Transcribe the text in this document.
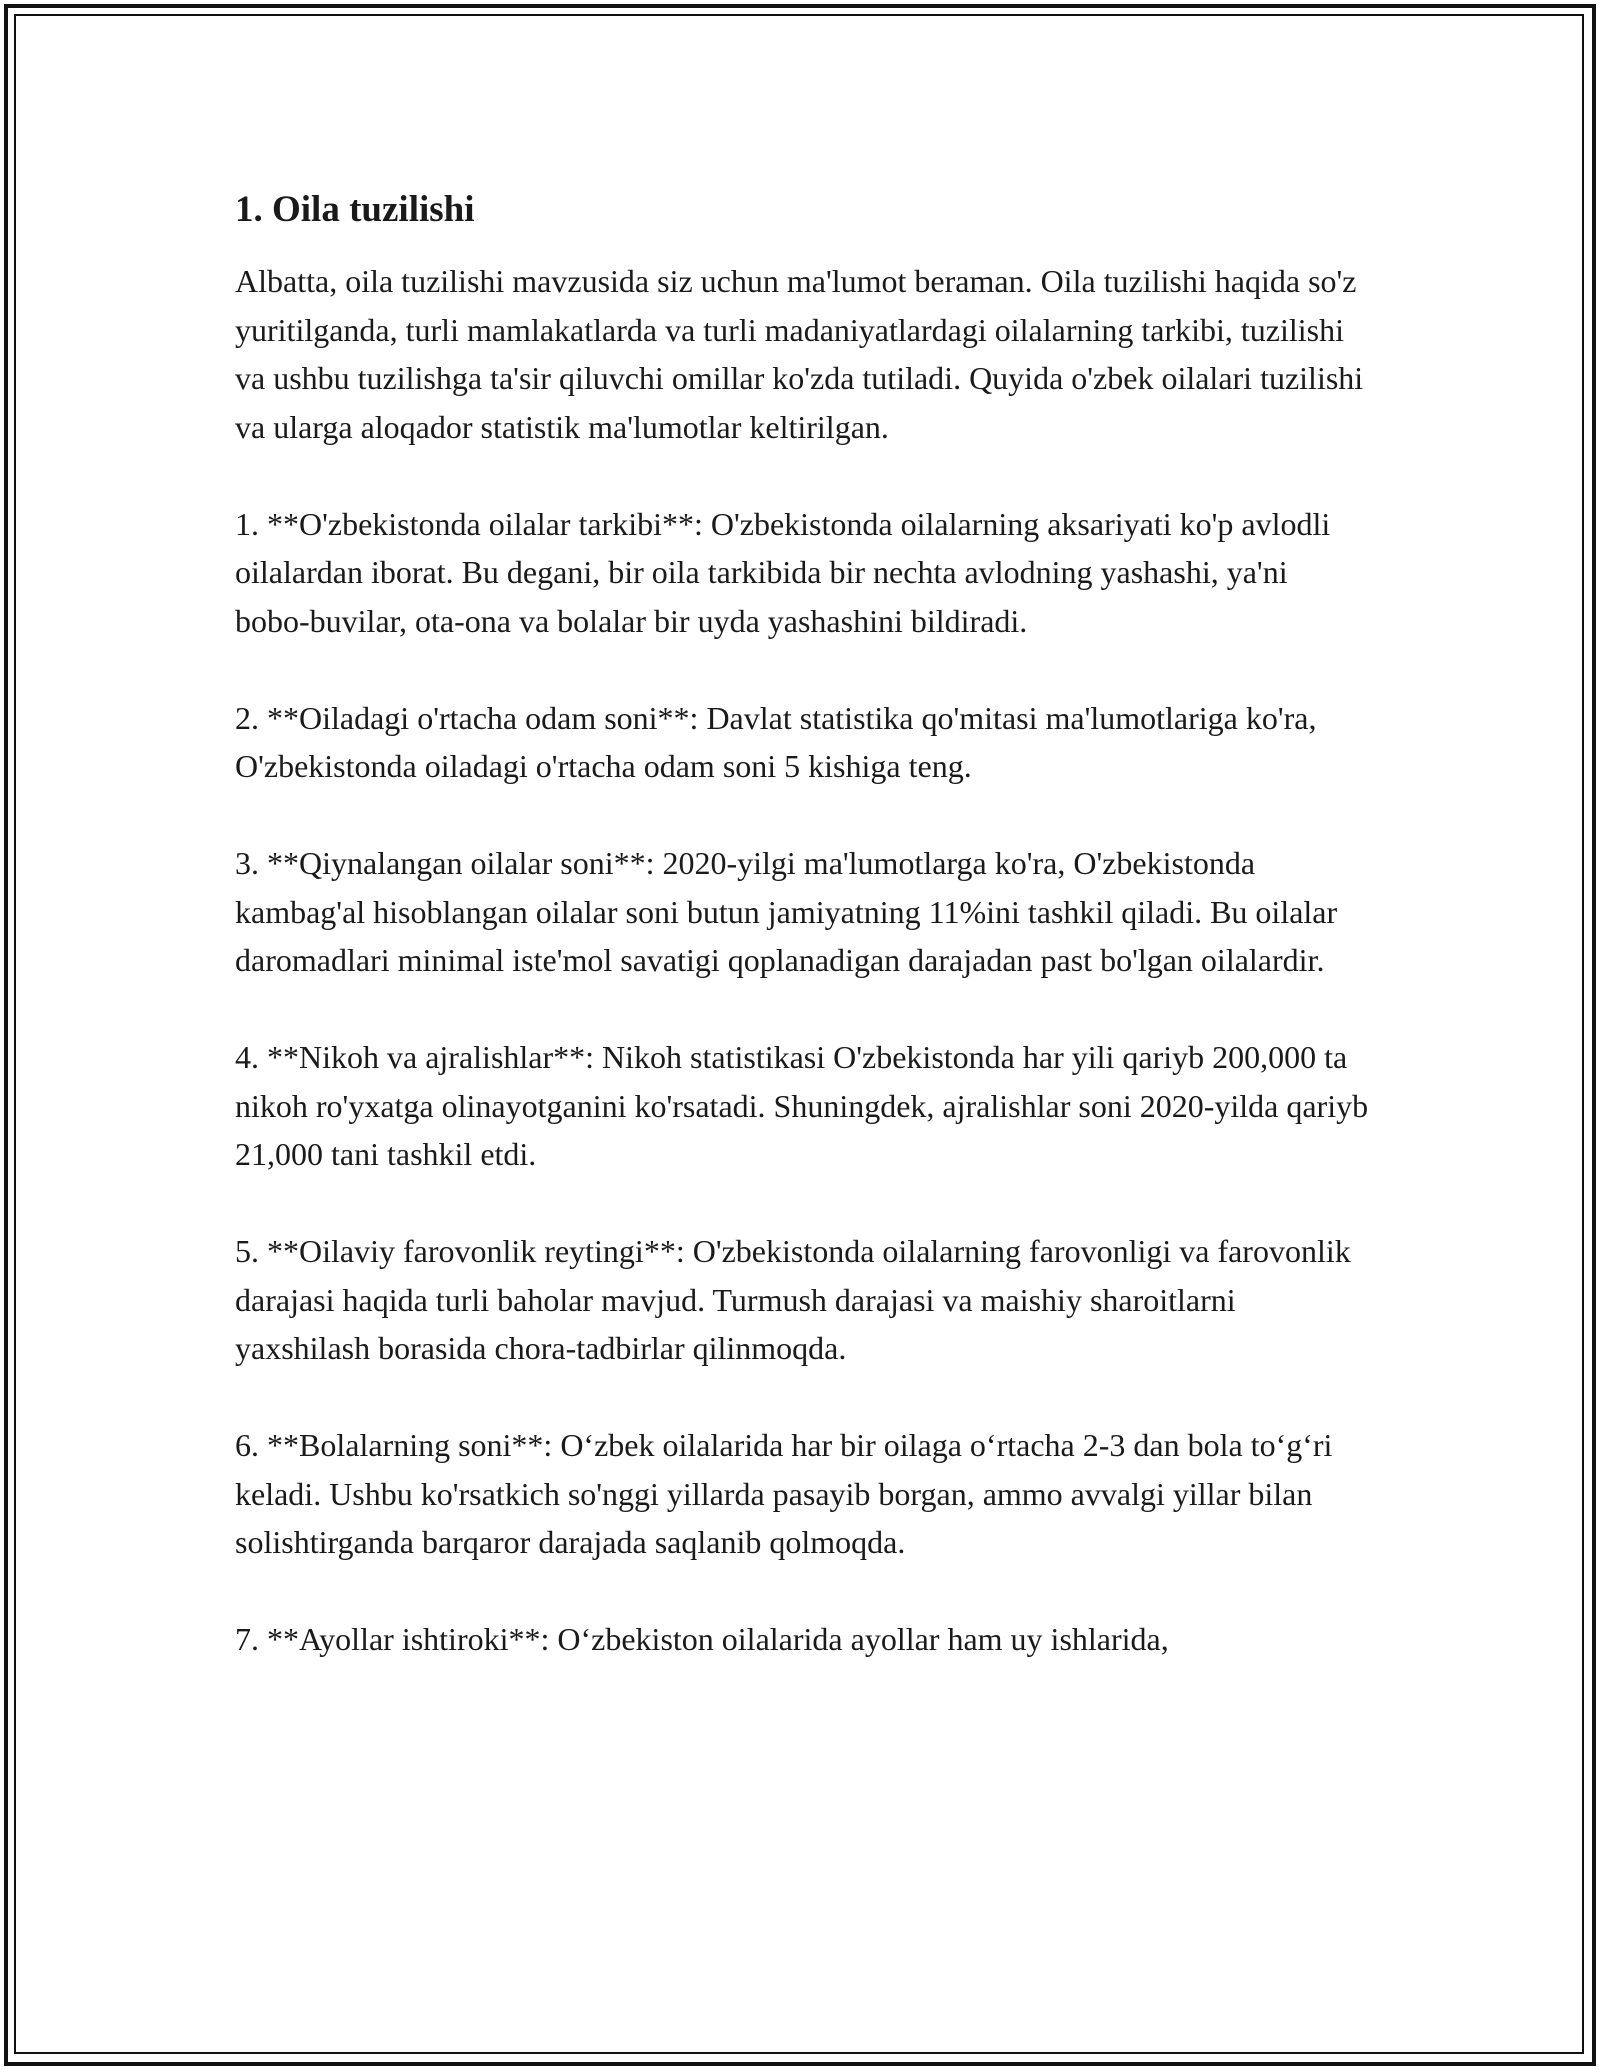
1. Oila tuzilishi

Albatta, oila tuzilishi mavzusida siz uchun ma'lumot beraman. Oila tuzilishi haqida so'z yuritilganda, turli mamlakatlarda va turli madaniyatlardagi oilalarning tarkibi, tuzilishi va ushbu tuzilishga ta'sir qiluvchi omillar ko'zda tutiladi. Quyida o'zbek oilalari tuzilishi va ularga aloqador statistik ma'lumotlar keltirilgan.

1. **O'zbekistonda oilalar tarkibi**: O'zbekistonda oilalarning aksariyati ko'p avlodli oilalardan iborat. Bu degani, bir oila tarkibida bir nechta avlodning yashashi, ya'ni bobo-buvilar, ota-ona va bolalar bir uyda yashashini bildiradi.

2. **Oiladagi o'rtacha odam soni**: Davlat statistika qo'mitasi ma'lumotlariga ko'ra, O'zbekistonda oiladagi o'rtacha odam soni 5 kishiga teng.

3. **Qiynalangan oilalar soni**: 2020-yilgi ma'lumotlarga ko'ra, O'zbekistonda kambag'al hisoblangan oilalar soni butun jamiyatning 11%ini tashkil qiladi. Bu oilalar daromadlari minimal iste'mol savatigi qoplanadigan darajadan past bo'lgan oilalardir.

4. **Nikoh va ajralishlar**: Nikoh statistikasi O'zbekistonda har yili qariyb 200,000 ta nikoh ro'yxatga olinayotganini ko'rsatadi. Shuningdek, ajralishlar soni 2020-yilda qariyb 21,000 tani tashkil etdi.

5. **Oilaviy farovonlik reytingi**: O'zbekistonda oilalarning farovonligi va farovonlik darajasi haqida turli baholar mavjud. Turmush darajasi va maishiy sharoitlarni yaxshilash borasida chora-tadbirlar qilinmoqda.

6. **Bolalarning soni**: O‘zbek oilalarida har bir oilaga o‘rtacha 2-3 dan bola to‘g‘ri keladi. Ushbu ko'rsatkich so'nggi yillarda pasayib borgan, ammo avvalgi yillar bilan solishtirganda barqaror darajada saqlanib qolmoqda.

7. **Ayollar ishtiroki**: O‘zbekiston oilalarida ayollar ham uy ishlarida,
